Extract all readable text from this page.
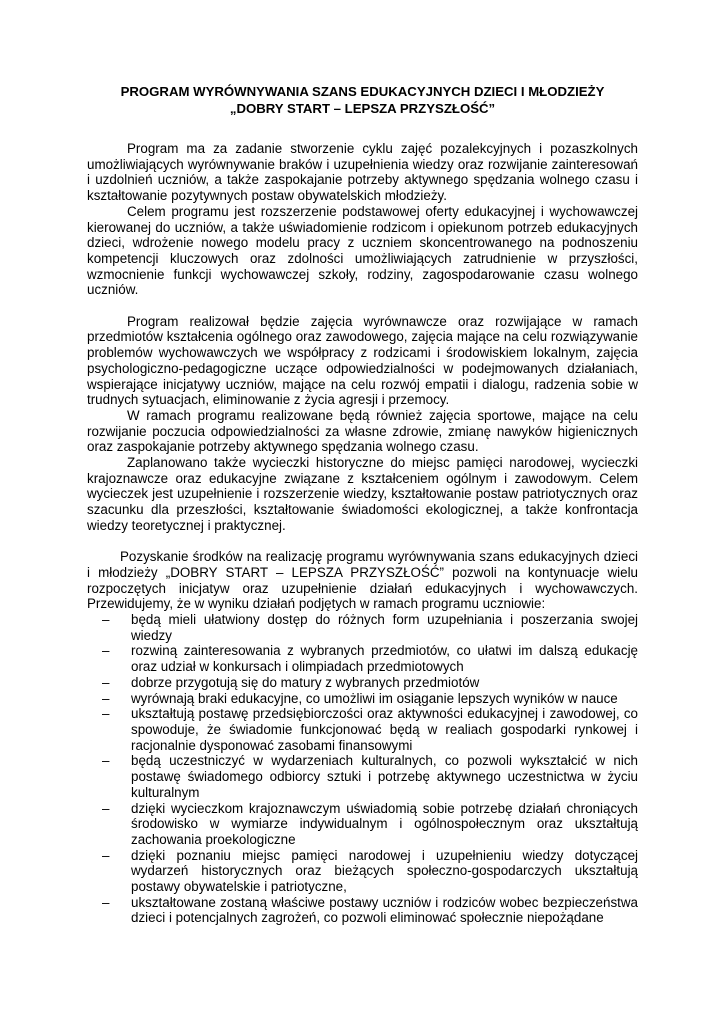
PROGRAM WYRÓWNYWANIA SZANS EDUKACYJNYCH DZIECI I MŁODZIEŻY
„DOBRY START – LEPSZA PRZYSZŁOŚĆ”

Program ma za zadanie stworzenie cyklu zajęć pozalekcyjnych i pozaszkolnych umożliwiających wyrównywanie braków i uzupełnienia wiedzy oraz rozwijanie zainteresowań i uzdolnień uczniów, a także zaspokajanie potrzeby aktywnego spędzania wolnego czasu i kształtowanie pozytywnych postaw obywatelskich młodzieży.

Celem programu jest rozszerzenie podstawowej oferty edukacyjnej i wychowawczej kierowanej do uczniów, a także uświadomienie rodzicom i opiekunom potrzeb edukacyjnych dzieci, wdrożenie nowego modelu pracy z uczniem skoncentrowanego na podnoszeniu kompetencji kluczowych oraz zdolności umożliwiających zatrudnienie w przyszłości, wzmocnienie funkcji wychowawczej szkoły, rodziny, zagospodarowanie czasu wolnego uczniów.

Program realizował będzie zajęcia wyrównawcze oraz rozwijające w ramach przedmiotów kształcenia ogólnego oraz zawodowego, zajęcia mające na celu rozwiązywanie problemów wychowawczych we współpracy z rodzicami i środowiskiem lokalnym, zajęcia psychologiczno-pedagogiczne uczące odpowiedzialności w podejmowanych działaniach, wspierające inicjatywy uczniów, mające na celu rozwój empatii i dialogu, radzenia sobie w trudnych sytuacjach, eliminowanie z życia agresji i przemocy.

W ramach programu realizowane będą również zajęcia sportowe, mające na celu rozwijanie poczucia odpowiedzialności za własne zdrowie, zmianę nawyków higienicznych oraz zaspokajanie potrzeby aktywnego spędzania wolnego czasu.

Zaplanowano także wycieczki historyczne do miejsc pamięci narodowej, wycieczki krajoznawcze oraz edukacyjne związane z kształceniem ogólnym i zawodowym. Celem wycieczek jest uzupełnienie i rozszerzenie wiedzy, kształtowanie postaw patriotycznych oraz szacunku dla przeszłości, kształtowanie świadomości ekologicznej, a także konfrontacja wiedzy teoretycznej i praktycznej.

Pozyskanie środków na realizację programu wyrównywania szans edukacyjnych dzieci i młodzieży „DOBRY START – LEPSZA PRZYSZŁOŚĆ” pozwoli na kontynuacje wielu rozpoczętych inicjatyw oraz uzupełnienie działań edukacyjnych i wychowawczych. Przewidujemy, że w wyniku działań podjętych w ramach programu uczniowie:

– będą mieli ułatwiony dostęp do różnych form uzupełniania i poszerzania swojej wiedzy
– rozwiną zainteresowania z wybranych przedmiotów, co ułatwi im dalszą edukację oraz udział w konkursach i olimpiadach przedmiotowych
– dobrze przygotują się do matury z wybranych przedmiotów
– wyrównają braki edukacyjne, co umożliwi im osiąganie lepszych wyników w nauce
– ukształtują postawę przedsiębiorczości oraz aktywności edukacyjnej i zawodowej, co spowoduje, że świadomie funkcjonować będą w realiach gospodarki rynkowej i racjonalnie dysponować zasobami finansowymi
– będą uczestniczyć w wydarzeniach kulturalnych, co pozwoli wykształcić w nich postawę świadomego odbiorcy sztuki i potrzebę aktywnego uczestnictwa w życiu kulturalnym
– dzięki wycieczkom krajoznawczym uświadomią sobie potrzebę działań chroniących środowisko w wymiarze indywidualnym i ogólnospołecznym oraz ukształtują zachowania proekologiczne
– dzięki poznaniu miejsc pamięci narodowej i uzupełnieniu wiedzy dotyczącej wydarzeń historycznych oraz bieżących społeczno-gospodarczych ukształtują postawy obywatelskie i patriotyczne,
– ukształtowane zostaną właściwe postawy uczniów i rodziców wobec bezpieczeństwa dzieci i potencjalnych zagrożeń, co pozwoli eliminować społecznie niepożądane
